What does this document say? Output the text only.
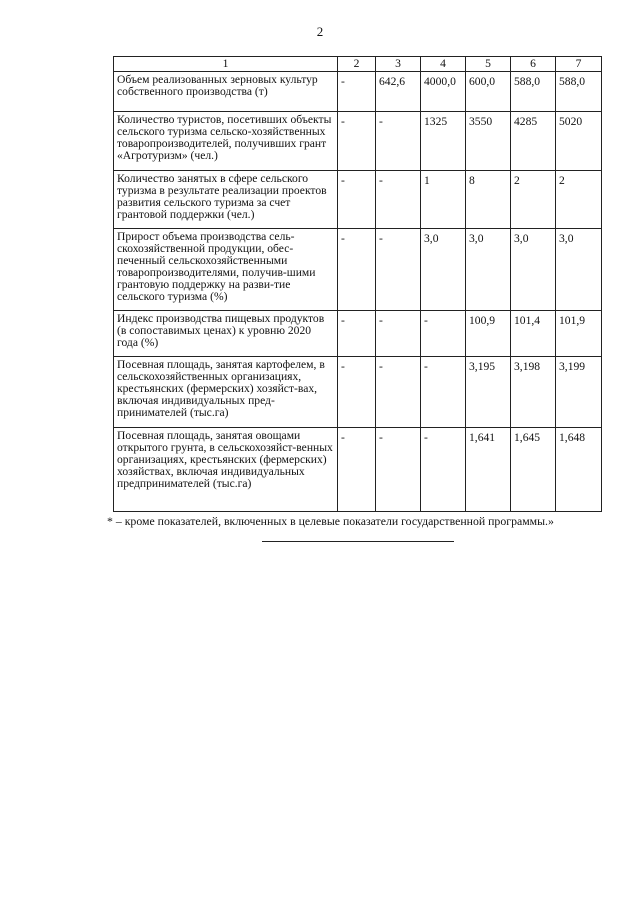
2
1	2	3	4	5	6	7
Объем реализованных зерновых культур собственного производства (т)	-	642,6	4000,0	600,0	588,0	588,0
Количество туристов, посетивших объекты сельского туризма сельско-хозяйственных товаропроизводителей, получивших грант «Агротуризм» (чел.)	-	-	1325	3550	4285	5020
Количество занятых в сфере сельского туризма в результате реализации проектов развития сельского туризма за счет грантовой поддержки (чел.)	-	-	1	8	2	2
Прирост объема производства сель-скохозяйственной продукции, обес-печенный сельскохозяйственными товаропроизводителями, получив-шими грантовую поддержку на разви-тие сельского туризма (%)	-	-	3,0	3,0	3,0	3,0
Индекс производства пищевых продуктов (в сопоставимых ценах) к уровню 2020 года (%)	-	-	-	100,9	101,4	101,9
Посевная площадь, занятая картофелем, в сельскохозяйственных организациях, крестьянских (фермерских) хозяйст-вах, включая индивидуальных пред-принимателей (тыс.га)	-	-	-	3,195	3,198	3,199
Посевная площадь, занятая овощами открытого грунта, в сельскохозяйст-венных организациях, крестьянских (фермерских) хозяйствах, включая индивидуальных предпринимателей (тыс.га)	-	-	-	1,641	1,645	1,648
* – кроме показателей, включенных в целевые показатели государственной программы.»
